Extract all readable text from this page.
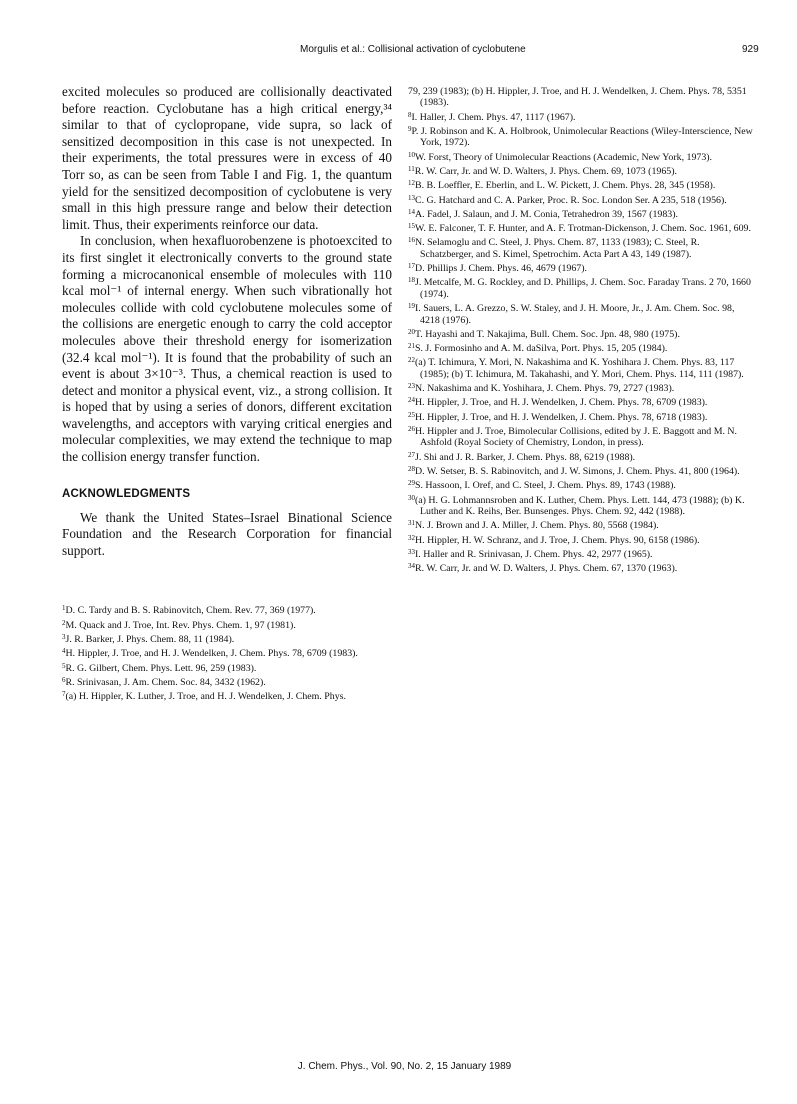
Morgulis et al.: Collisional activation of cyclobutene	929

excited molecules so produced are collisionally deactivated before reaction. Cyclobutane has a high critical energy,³⁴ similar to that of cyclopropane, vide supra, so lack of sensitized decomposition in this case is not unexpected. In their experiments, the total pressures were in excess of 40 Torr so, as can be seen from Table I and Fig. 1, the quantum yield for the sensitized decomposition of cyclobutene is very small in this high pressure range and below their detection limit. Thus, their experiments reinforce our data.

In conclusion, when hexafluorobenzene is photoexcited to its first singlet it electronically converts to the ground state forming a microcanonical ensemble of molecules with 110 kcal mol⁻¹ of internal energy. When such vibrationally hot molecules collide with cold cyclobutene molecules some of the collisions are energetic enough to carry the cold acceptor molecules above their threshold energy for isomerization (32.4 kcal mol⁻¹). It is found that the probability of such an event is about 3×10⁻³. Thus, a chemical reaction is used to detect and monitor a physical event, viz., a strong collision. It is hoped that by using a series of donors, different excitation wavelengths, and acceptors with varying critical energies and molecular complexities, we may extend the technique to map the collision energy transfer function.

ACKNOWLEDGMENTS

We thank the United States–Israel Binational Science Foundation and the Research Corporation for financial support.

$^1$D. C. Tardy and B. S. Rabinovitch, Chem. Rev. 77, 369 (1977).

$^2$M. Quack and J. Troe, Int. Rev. Phys. Chem. 1, 97 (1981).

$^3$J. R. Barker, J. Phys. Chem. 88, 11 (1984).

$^4$H. Hippler, J. Troe, and H. J. Wendelken, J. Chem. Phys. 78, 6709 (1983).

$^5$R. G. Gilbert, Chem. Phys. Lett. 96, 259 (1983).

$^6$R. Srinivasan, J. Am. Chem. Soc. 84, 3432 (1962).

$^7$(a) H. Hippler, K. Luther, J. Troe, and H. J. Wendelken, J. Chem. Phys.

79, 239 (1983); (b) H. Hippler, J. Troe, and H. J. Wendelken, J. Chem. Phys. 78, 5351 (1983).

$^8$I. Haller, J. Chem. Phys. 47, 1117 (1967).

$^9$P. J. Robinson and K. A. Holbrook, Unimolecular Reactions (Wiley-Interscience, New York, 1972).

$^{10}$W. Forst, Theory of Unimolecular Reactions (Academic, New York, 1973).

$^{11}$R. W. Carr, Jr. and W. D. Walters, J. Phys. Chem. 69, 1073 (1965).

$^{12}$B. B. Loeffler, E. Eberlin, and L. W. Pickett, J. Chem. Phys. 28, 345 (1958).

$^{13}$C. G. Hatchard and C. A. Parker, Proc. R. Soc. London Ser. A 235, 518 (1956).

$^{14}$A. Fadel, J. Salaun, and J. M. Conia, Tetrahedron 39, 1567 (1983).

$^{15}$W. E. Falconer, T. F. Hunter, and A. F. Trotman-Dickenson, J. Chem. Soc. 1961, 609.

$^{16}$N. Selamoglu and C. Steel, J. Phys. Chem. 87, 1133 (1983); C. Steel, R. Schatzberger, and S. Kimel, Spetrochim. Acta Part A 43, 149 (1987).

$^{17}$D. Phillips J. Chem. Phys. 46, 4679 (1967).

$^{18}$J. Metcalfe, M. G. Rockley, and D. Phillips, J. Chem. Soc. Faraday Trans. 2 70, 1660 (1974).

$^{19}$I. Sauers, L. A. Grezzo, S. W. Staley, and J. H. Moore, Jr., J. Am. Chem. Soc. 98, 4218 (1976).

$^{20}$T. Hayashi and T. Nakajima, Bull. Chem. Soc. Jpn. 48, 980 (1975).

$^{21}$S. J. Formosinho and A. M. daSilva, Port. Phys. 15, 205 (1984).

$^{22}$(a) T. Ichimura, Y. Mori, N. Nakashima and K. Yoshihara J. Chem. Phys. 83, 117 (1985); (b) T. Ichimura, M. Takahashi, and Y. Mori, Chem. Phys. 114, 111 (1987).

$^{23}$N. Nakashima and K. Yoshihara, J. Chem. Phys. 79, 2727 (1983).

$^{24}$H. Hippler, J. Troe, and H. J. Wendelken, J. Chem. Phys. 78, 6709 (1983).

$^{25}$H. Hippler, J. Troe, and H. J. Wendelken, J. Chem. Phys. 78, 6718 (1983).

$^{26}$H. Hippler and J. Troe, Bimolecular Collisions, edited by J. E. Baggott and M. N. Ashfold (Royal Society of Chemistry, London, in press).

$^{27}$J. Shi and J. R. Barker, J. Chem. Phys. 88, 6219 (1988).

$^{28}$D. W. Setser, B. S. Rabinovitch, and J. W. Simons, J. Chem. Phys. 41, 800 (1964).

$^{29}$S. Hassoon, I. Oref, and C. Steel, J. Chem. Phys. 89, 1743 (1988).

$^{30}$(a) H. G. Lohmannsroben and K. Luther, Chem. Phys. Lett. 144, 473 (1988); (b) K. Luther and K. Reihs, Ber. Bunsenges. Phys. Chem. 92, 442 (1988).

$^{31}$N. J. Brown and J. A. Miller, J. Chem. Phys. 80, 5568 (1984).

$^{32}$H. Hippler, H. W. Schranz, and J. Troe, J. Chem. Phys. 90, 6158 (1986).

$^{33}$I. Haller and R. Srinivasan, J. Chem. Phys. 42, 2977 (1965).

$^{34}$R. W. Carr, Jr. and W. D. Walters, J. Phys. Chem. 67, 1370 (1963).

J. Chem. Phys., Vol. 90, No. 2, 15 January 1989
